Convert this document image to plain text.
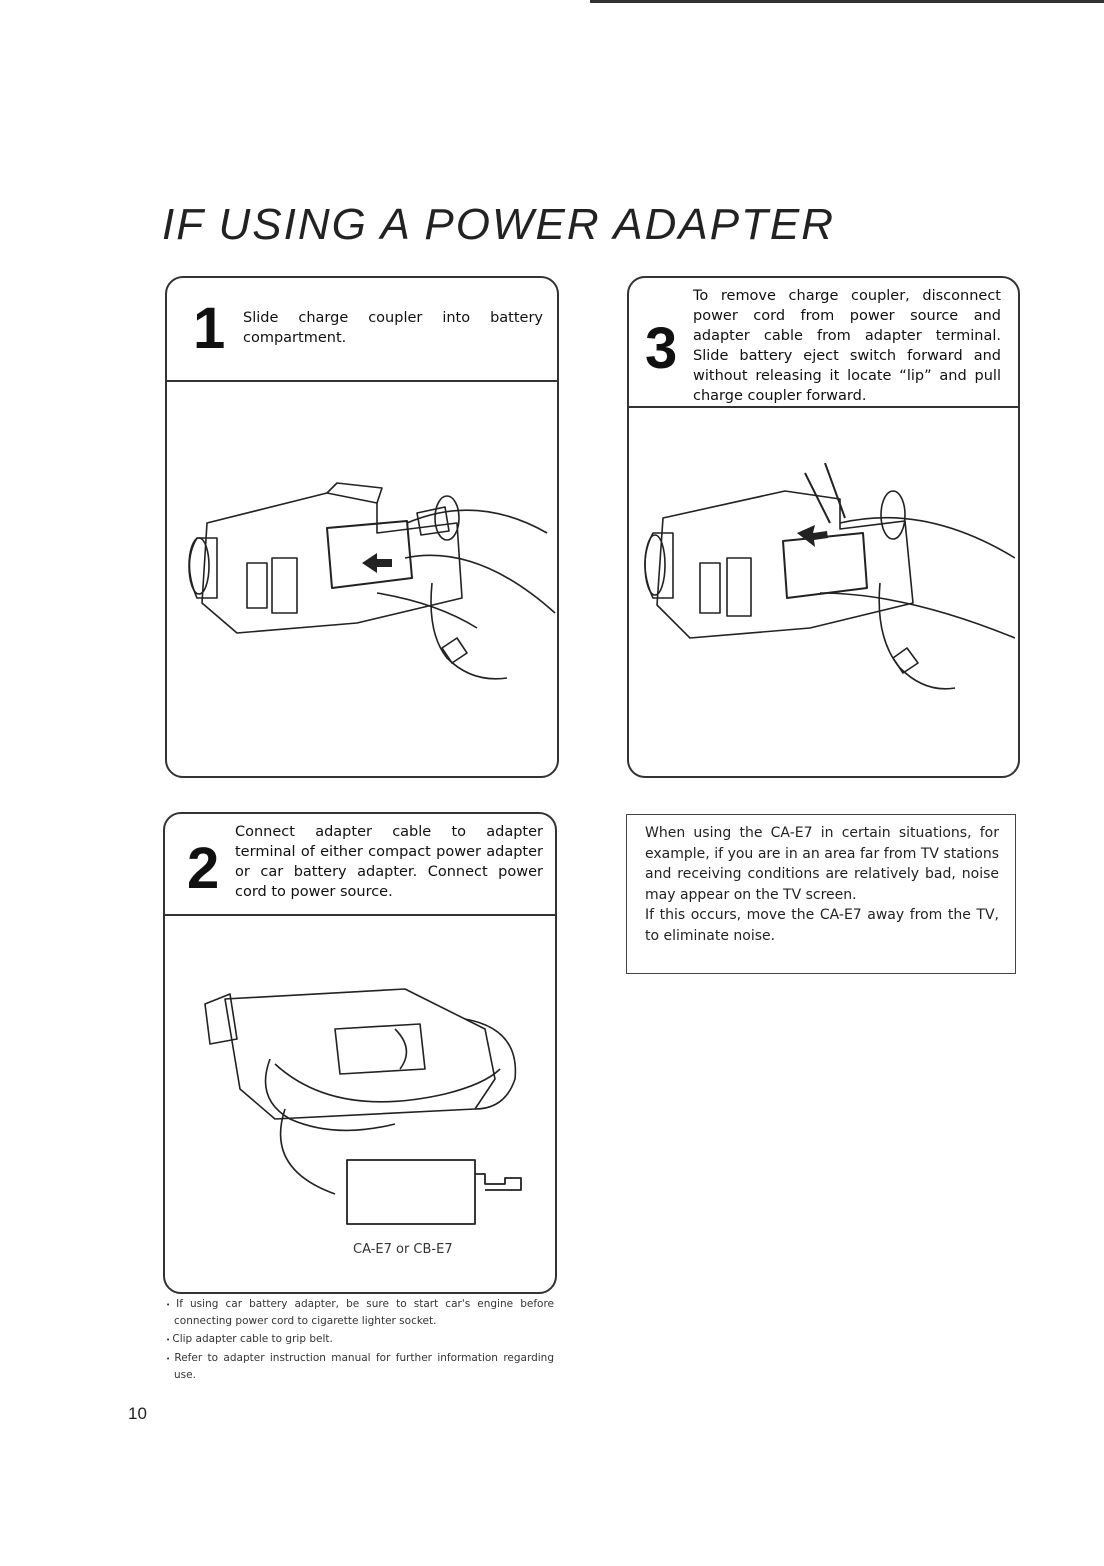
IF USING A POWER ADAPTER
1 Slide charge coupler into battery compartment.	3
To remove charge coupler, disconnect power cord from power source and adapter cable from adapter terminal. Slide battery eject switch forward and without releasing it locate “lip” and pull charge coupler forward.
2
Connect adapter cable to adapter terminal of either compact power adapter or car battery adapter. Connect power cord to power source.
CA-E7 or CB-E7

When using the CA-E7 in certain situations, for example, if you are in an area far from TV stations and receiving conditions are relatively bad, noise may appear on the TV screen.

If this occurs, move the CA-E7 away from the TV, to eliminate noise.

• If using car battery adapter, be sure to start car's engine before connecting power cord to cigarette lighter socket.
• Clip adapter cable to grip belt.
• Refer to adapter instruction manual for further information regarding use.
10
